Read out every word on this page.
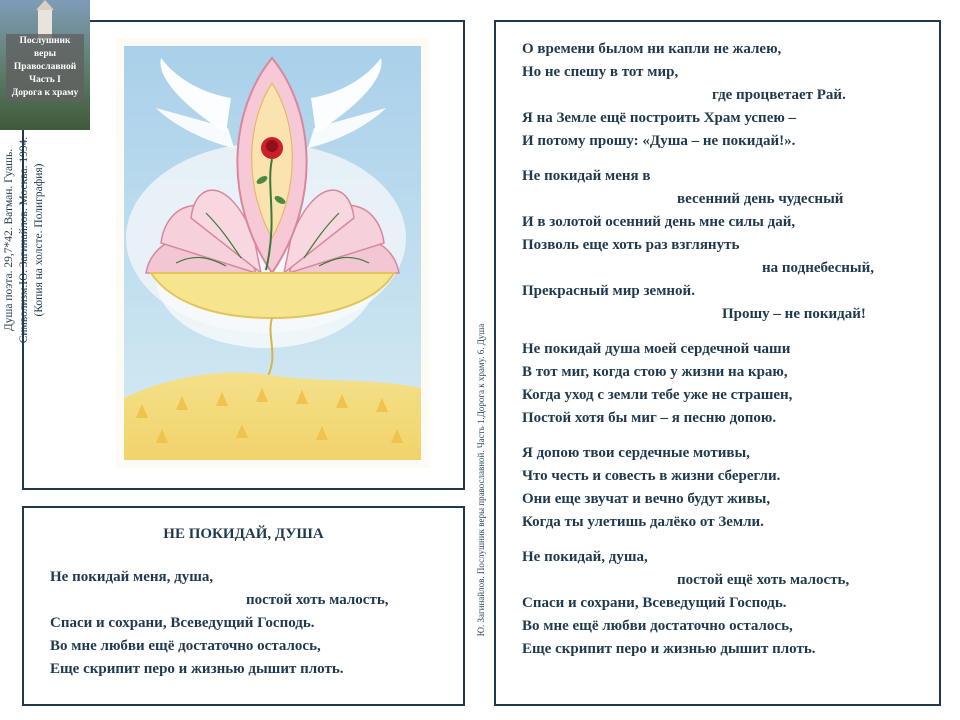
Послушник
веры
Православной
Часть I
Дорога к храму
Душа поэта. 29,7*42. Ватман. Гуашь. Символизм.Ю. Загинайлов. Москва. 1994. (Копия на холсте. Полиграфия)
Ю. Загинайлов. Послушник веры православной. Часть 1.Дорога к храму. 6. Душа
НЕ ПОКИДАЙ, ДУША
Не покидай меня, душа,
постой хоть малость,
Спаси и сохрани, Всеведущий Господь.
Во мне любви ещё достаточно осталось,
Еще скрипит перо и жизнью дышит плоть.
О времени былом ни капли не жалею,
Но не спешу в тот мир,
где процветает Рай.
Я на Земле ещё построить Храм успею –
И потому прошу: «Душа – не покидай!».
Не покидай меня в
весенний день чудесный
И в золотой осенний день мне силы дай,
Позволь еще хоть раз взглянуть
на поднебесный,
Прекрасный мир земной.
Прошу – не покидай!
Не покидай душа моей сердечной чаши
В тот миг, когда стою у жизни на краю,
Когда уход с земли тебе уже не страшен,
Постой хотя бы миг – я песню допою.
Я допою твои сердечные мотивы,
Что честь и совесть в жизни сберегли.
Они еще звучат и вечно будут живы,
Когда ты улетишь далёко от Земли.
Не покидай, душа,
постой ещё хоть малость,
Спаси и сохрани, Всеведущий Господь.
Во мне ещё любви достаточно осталось,
Еще скрипит перо и жизнью дышит плоть.
